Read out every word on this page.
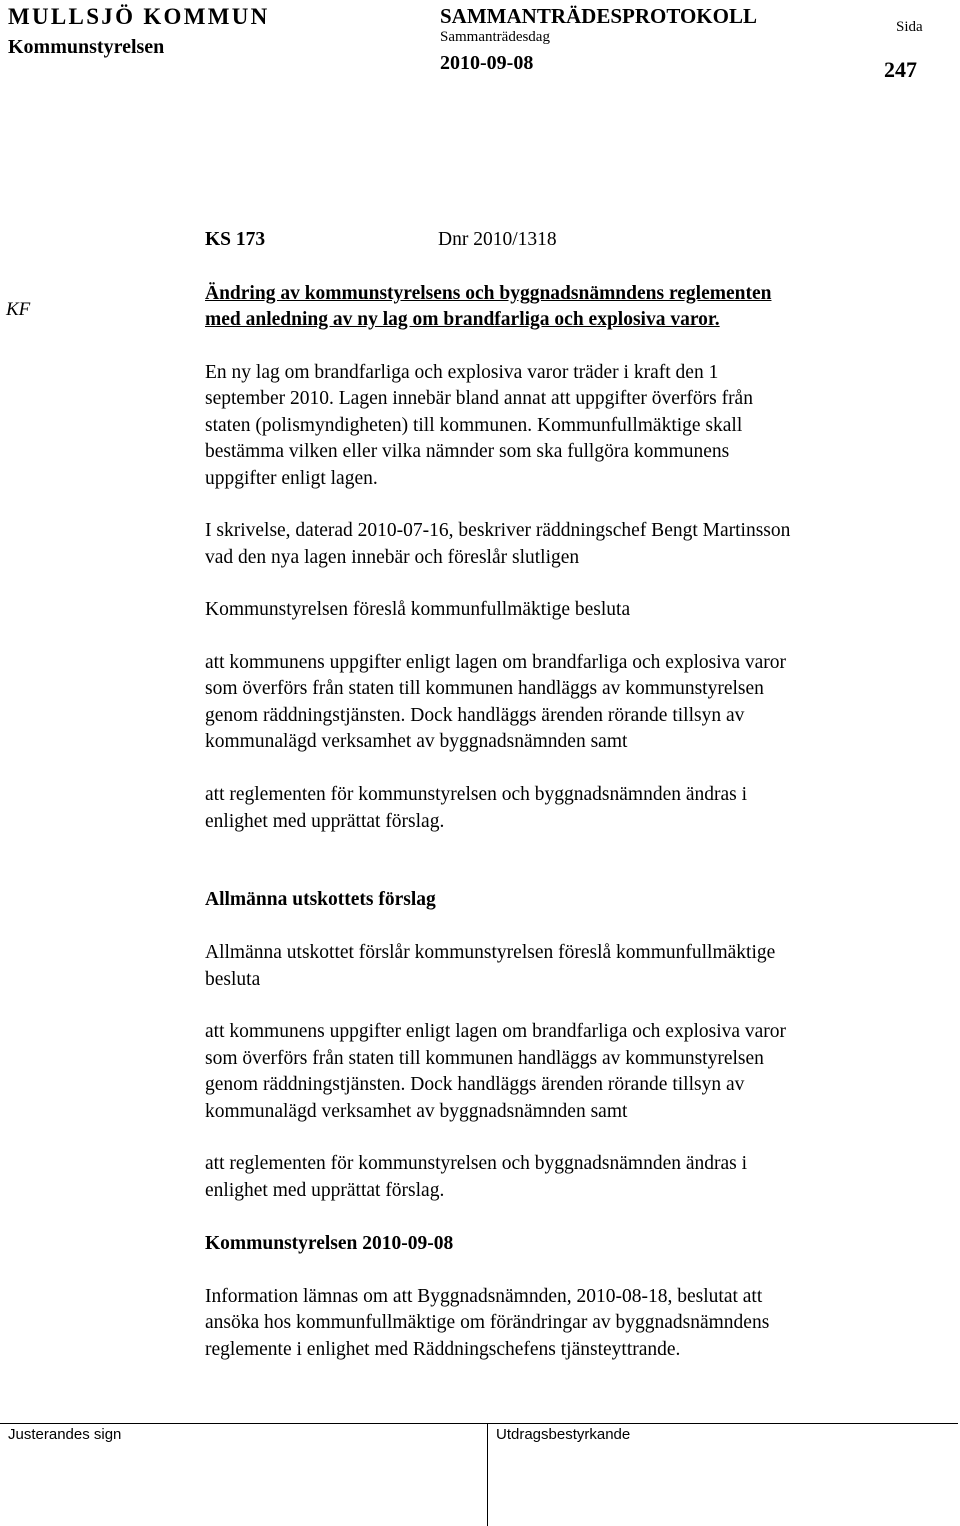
MULLSJÖ KOMMUN
Kommunstyrelsen
SAMMANTRÄDESPROTOKOLL
Sammanträdesdag
2010-09-08
Sida
247
KS 173	Dnr 2010/1318
KF
Ändring av kommunstyrelsens och byggnadsnämndens reglementen
med anledning av ny lag om brandfarliga och explosiva varor.
En ny lag om brandfarliga och explosiva varor träder i kraft den 1
september 2010. Lagen innebär bland annat att uppgifter överförs från
staten (polismyndigheten) till kommunen. Kommunfullmäktige skall
bestämma vilken eller vilka nämnder som ska fullgöra kommunens
uppgifter enligt lagen.
I skrivelse, daterad 2010-07-16, beskriver räddningschef Bengt Martinsson
vad den nya lagen innebär och föreslår slutligen
Kommunstyrelsen föreslå kommunfullmäktige besluta
att kommunens uppgifter enligt lagen om brandfarliga och explosiva varor
som överförs från staten till kommunen handläggs av kommunstyrelsen
genom räddningstjänsten. Dock handläggs ärenden rörande tillsyn av
kommunalägd verksamhet av byggnadsnämnden samt
att reglementen för kommunstyrelsen och byggnadsnämnden ändras i
enlighet med upprättat förslag.
Allmänna utskottets förslag
Allmänna utskottet förslår kommunstyrelsen föreslå kommunfullmäktige
besluta
att kommunens uppgifter enligt lagen om brandfarliga och explosiva varor
som överförs från staten till kommunen handläggs av kommunstyrelsen
genom räddningstjänsten. Dock handläggs ärenden rörande tillsyn av
kommunalägd verksamhet av byggnadsnämnden samt
att reglementen för kommunstyrelsen och byggnadsnämnden ändras i
enlighet med upprättat förslag.
Kommunstyrelsen 2010-09-08
Information lämnas om att Byggnadsnämnden, 2010-08-18, beslutat att
ansöka hos kommunfullmäktige om förändringar av byggnadsnämndens
reglemente i enlighet med Räddningschefens tjänsteyttrande.
Justerandes sign	Utdragsbestyrkande
